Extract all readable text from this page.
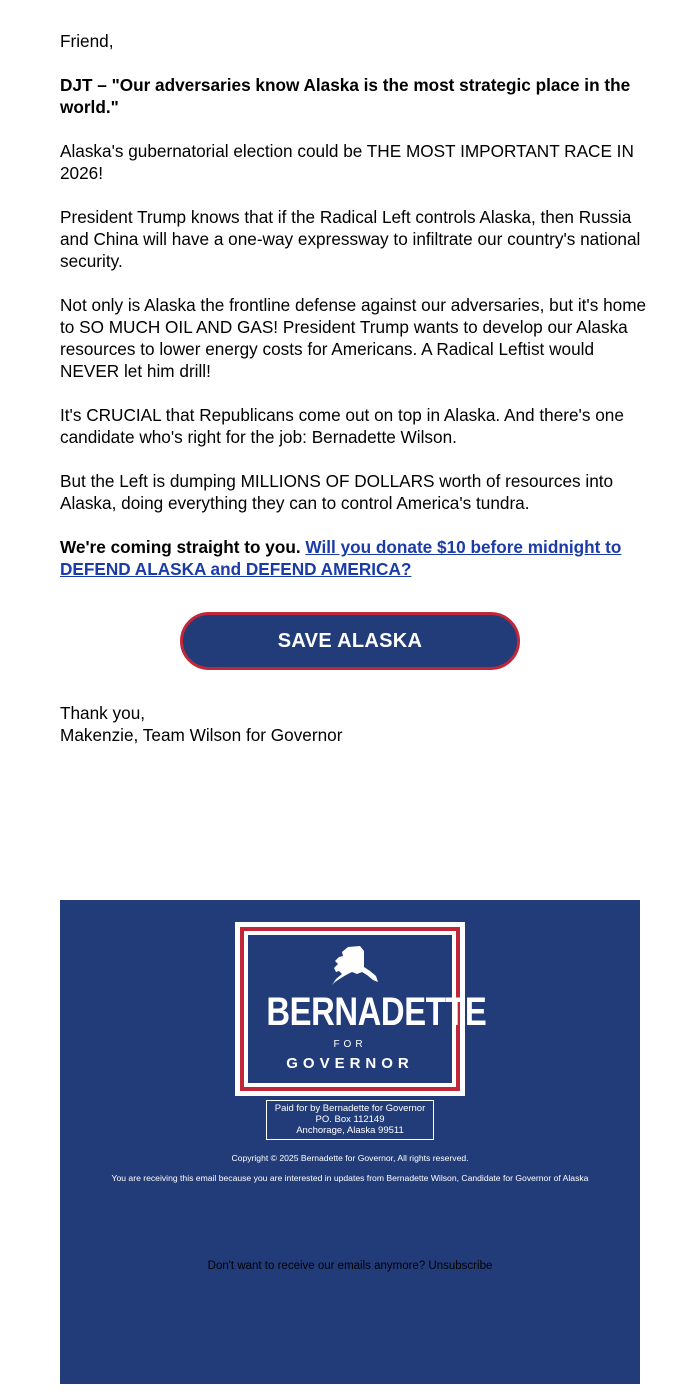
Friend,

DJT – "Our adversaries know Alaska is the most strategic place in the world."

Alaska's gubernatorial election could be THE MOST IMPORTANT RACE IN 2026!

President Trump knows that if the Radical Left controls Alaska, then Russia and China will have a one-way expressway to infiltrate our country's national security.

Not only is Alaska the frontline defense against our adversaries, but it's home to SO MUCH OIL AND GAS! President Trump wants to develop our Alaska resources to lower energy costs for Americans. A Radical Leftist would NEVER let him drill!

It's CRUCIAL that Republicans come out on top in Alaska. And there's one candidate who's right for the job: Bernadette Wilson.

But the Left is dumping MILLIONS OF DOLLARS worth of resources into Alaska, doing everything they can to control America's tundra.

We're coming straight to you. Will you donate $10 before midnight to DEFEND ALASKA and DEFEND AMERICA?

SAVE ALASKA
Thank you,
Makenzie, Team Wilson for Governor
BERNADETTE
FOR
GOVERNOR
Paid for by Bernadette for Governor
PO. Box 112149
Anchorage, Alaska 99511
Copyright © 2025 Bernadette for Governor, All rights reserved.
You are receiving this email because you are interested in updates from Bernadette Wilson, Candidate for Governor of Alaska
Don't want to receive our emails anymore? Unsubscribe
